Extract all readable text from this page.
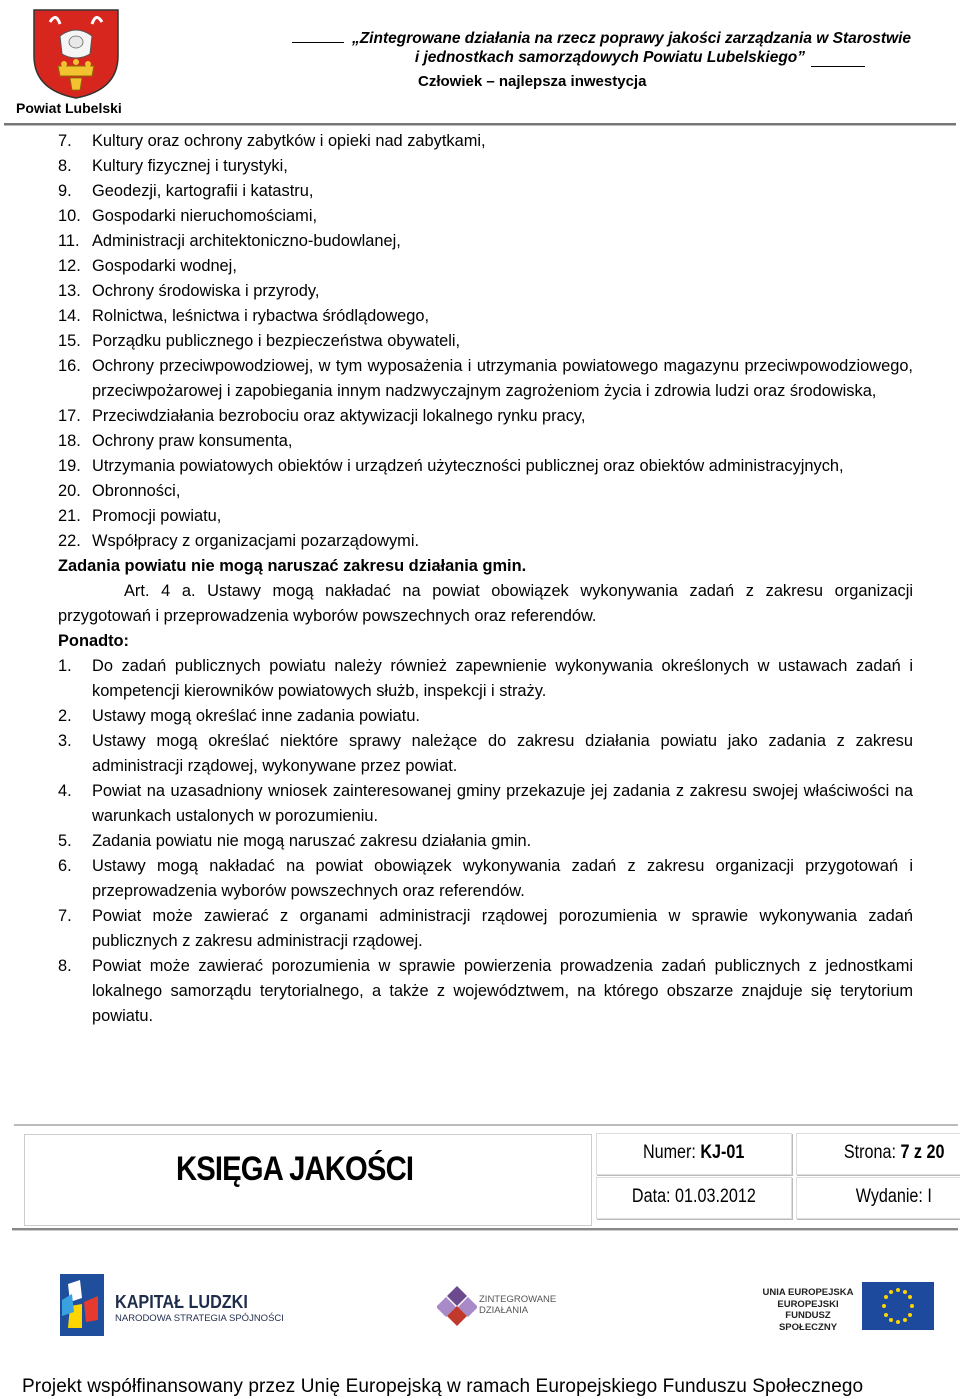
Powiat Lubelski
„Zintegrowane działania na rzecz poprawy jakości zarządzania w Starostwie
i jednostkach samorządowych Powiatu Lubelskiego”
Człowiek – najlepsza inwestycja
7. Kultury oraz ochrony zabytków i opieki nad zabytkami,
8. Kultury fizycznej i turystyki,
9. Geodezji, kartografii i katastru,
10. Gospodarki nieruchomościami,
11. Administracji architektoniczno-budowlanej,
12. Gospodarki wodnej,
13. Ochrony środowiska i przyrody,
14. Rolnictwa, leśnictwa i rybactwa śródlądowego,
15. Porządku publicznego i bezpieczeństwa obywateli,
16. Ochrony przeciwpowodziowej, w tym wyposażenia i utrzymania powiatowego magazynu przeciwpowodziowego, przeciwpożarowej i zapobiegania innym nadzwyczajnym zagrożeniom życia i zdrowia ludzi oraz środowiska,
17. Przeciwdziałania bezrobociu oraz aktywizacji lokalnego rynku pracy,
18. Ochrony praw konsumenta,
19. Utrzymania powiatowych obiektów i urządzeń użyteczności publicznej oraz obiektów administracyjnych,
20. Obronności,
21. Promocji powiatu,
22. Współpracy z organizacjami pozarządowymi.
Zadania powiatu nie mogą naruszać zakresu działania gmin.
Art. 4 a. Ustawy mogą nakładać na powiat obowiązek wykonywania zadań z zakresu organizacji przygotowań i przeprowadzenia wyborów powszechnych oraz referendów.
Ponadto:
1. Do zadań publicznych powiatu należy również zapewnienie wykonywania określonych w ustawach zadań i kompetencji kierowników powiatowych służb, inspekcji i straży.
2. Ustawy mogą określać inne zadania powiatu.
3. Ustawy mogą określać niektóre sprawy należące do zakresu działania powiatu jako zadania z zakresu administracji rządowej, wykonywane przez powiat.
4. Powiat na uzasadniony wniosek zainteresowanej gminy przekazuje jej zadania z zakresu swojej właściwości na warunkach ustalonych w porozumieniu.
5. Zadania powiatu nie mogą naruszać zakresu działania gmin.
6. Ustawy mogą nakładać na powiat obowiązek wykonywania zadań z zakresu organizacji przygotowań i przeprowadzenia wyborów powszechnych oraz referendów.
7. Powiat może zawierać z organami administracji rządowej porozumienia w sprawie wykonywania zadań publicznych z zakresu administracji rządowej.
8. Powiat może zawierać porozumienia w sprawie powierzenia prowadzenia zadań publicznych z jednostkami lokalnego samorządu terytorialnego, a także z województwem, na którego obszarze znajduje się terytorium powiatu.
KSIĘGA JAKOŚCI	Numer: KJ-01	Strona: 7 z 20
Data: 01.03.2012	Wydanie: I
KAPITAŁ LUDZKI
NARODOWA STRATEGIA SPÓJNOŚCI
ZINTEGROWANE
DZIAŁANIA
UNIA EUROPEJSKA
EUROPEJSKI
FUNDUSZ SPOŁECZNY
Projekt współfinansowany przez Unię Europejską w ramach Europejskiego Funduszu Społecznego
